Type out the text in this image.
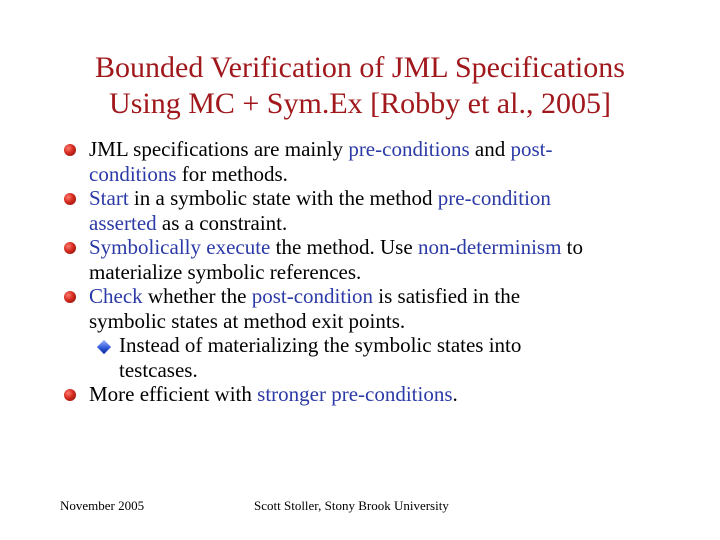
Bounded Verification of JML Specifications
Using MC + Sym.Ex [Robby et al., 2005]
JML specifications are mainly pre-conditions and post-
conditions for methods.
Start in a symbolic state with the method pre-condition
asserted as a constraint.
Symbolically execute the method. Use non-determinism to
materialize symbolic references.
Check whether the post-condition is satisfied in the
symbolic states at method exit points.
Instead of materializing the symbolic states into
testcases.
More efficient with stronger pre-conditions.
November 2005	Scott Stoller, Stony Brook University
